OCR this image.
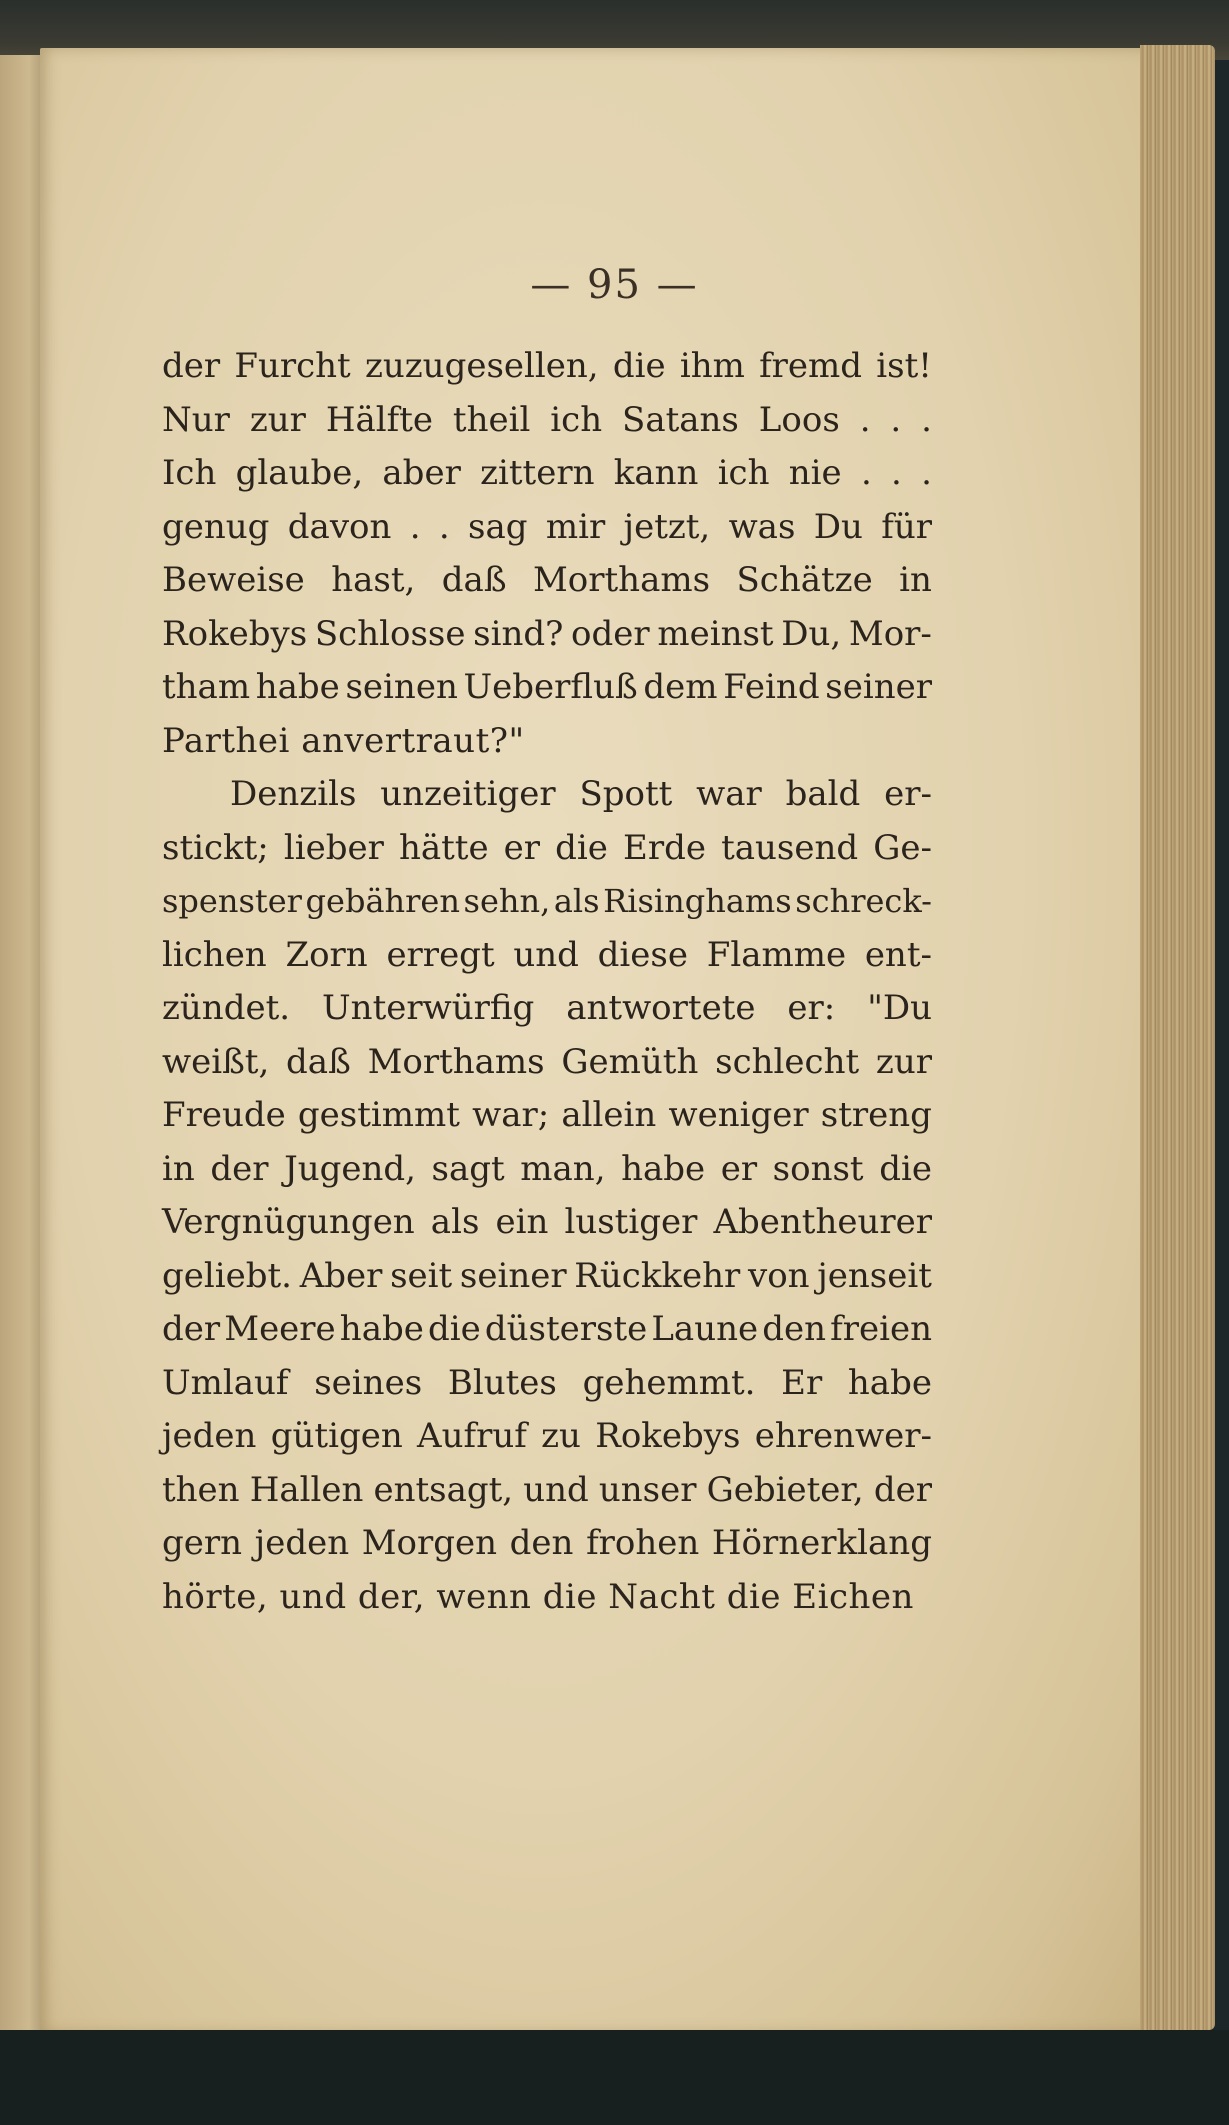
— 95 —
der Furcht zuzugesellen, die ihm fremd ist!
Nur zur Hälfte theil ich Satans Loos . . .
Ich glaube, aber zittern kann ich nie . . .
genug davon . . sag mir jetzt, was Du für
Beweise hast, daß Morthams Schätze in
Rokebys Schlosse sind? oder meinst Du, Mor-
tham habe seinen Ueberfluß dem Feind seiner
Parthei anvertraut?"
Denzils unzeitiger Spott war bald er-
stickt; lieber hätte er die Erde tausend Ge-
spenster gebähren sehn, als Risinghams schreck-
lichen Zorn erregt und diese Flamme ent-
zündet. Unterwürfig antwortete er: "Du
weißt, daß Morthams Gemüth schlecht zur
Freude gestimmt war; allein weniger streng
in der Jugend, sagt man, habe er sonst die
Vergnügungen als ein lustiger Abentheurer
geliebt. Aber seit seiner Rückkehr von jenseit
der Meere habe die düsterste Laune den freien
Umlauf seines Blutes gehemmt. Er habe
jeden gütigen Aufruf zu Rokebys ehrenwer-
then Hallen entsagt, und unser Gebieter, der
gern jeden Morgen den frohen Hörnerklang
hörte, und der, wenn die Nacht die Eichen
